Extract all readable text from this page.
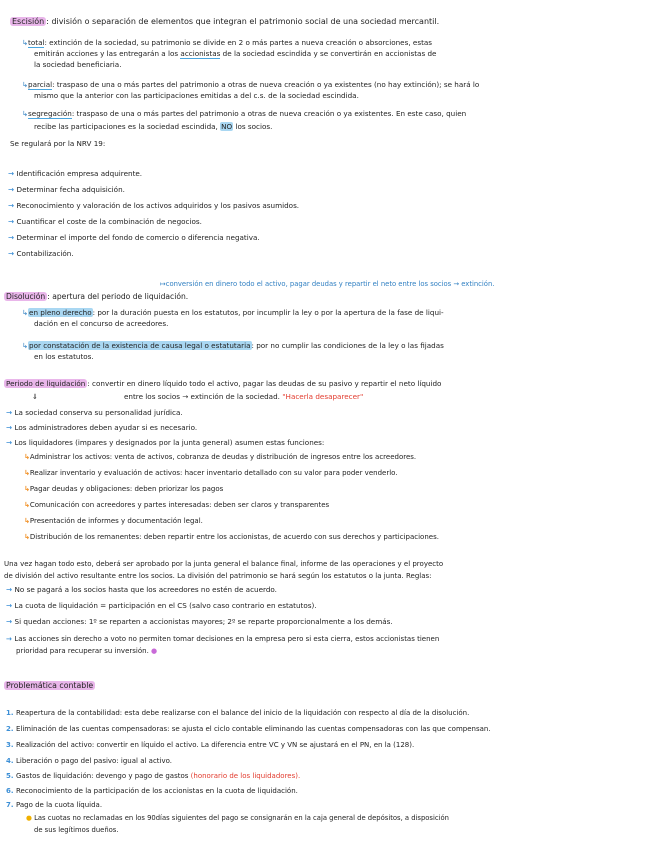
Escisión : división o separación de elementos que integran el patrimonio social de una sociedad mercantil.
↳total: extinción de la sociedad, su patrimonio se divide en 2 o más partes a nueva creación o absorciones, estas
emitirán acciones y las entregarán a los accionistas de la sociedad escindida y se convertirán en accionistas de
la sociedad beneficiaria.
↳parcial: traspaso de una o más partes del patrimonio a otras de nueva creación o ya existentes (no hay extinción); se hará lo
mismo que la anterior con las participaciones emitidas a del c.s. de la sociedad escindida.
↳segregación: traspaso de una o más partes del patrimonio a otras de nueva creación o ya existentes. En este caso, quien
recibe las participaciones es la sociedad escindida, NO los socios.
Se regulará por la NRV 19:
→ Identificación empresa adquirente.
→ Determinar fecha adquisición.
→ Reconocimiento y valoración de los activos adquiridos y los pasivos asumidos.
→ Cuantificar el coste de la combinación de negocios.
→ Determinar el importe del fondo de comercio o diferencia negativa.
→ Contabilización.
↦conversión en dinero todo el activo, pagar deudas y repartir el neto entre los socios → extinción.
Disolución : apertura del periodo de liquidación.
↳en pleno derecho: por la duración puesta en los estatutos, por incumplir la ley o por la apertura de la fase de liqui-
dación en el concurso de acreedores.
↳por constatación de la existencia de causa legal o estatutaria: por no cumplir las condiciones de la ley o las fijadas
en los estatutos.
Periodo de liquidación : convertir en dinero líquido todo el activo, pagar las deudas de su pasivo y repartir el neto líquido
⇓	entre los socios → extinción de la sociedad. "Hacerla desaparecer"
→ La sociedad conserva su personalidad jurídica.
→ Los administradores deben ayudar si es necesario.
→ Los liquidadores (impares y designados por la junta general) asumen estas funciones:
↳Administrar los activos: venta de activos, cobranza de deudas y distribución de ingresos entre los acreedores.
↳Realizar inventario y evaluación de activos: hacer inventario detallado con su valor para poder venderlo.
↳Pagar deudas y obligaciones: deben priorizar los pagos
↳Comunicación con acreedores y partes interesadas: deben ser claros y transparentes
↳Presentación de informes y documentación legal.
↳Distribución de los remanentes: deben repartir entre los accionistas, de acuerdo con sus derechos y participaciones.
Una vez hagan todo esto, deberá ser aprobado por la junta general el balance final, informe de las operaciones y el proyecto
de división del activo resultante entre los socios. La división del patrimonio se hará según los estatutos o la junta. Reglas:
→ No se pagará a los socios hasta que los acreedores no estén de acuerdo.
→ La cuota de liquidación = participación en el CS (salvo caso contrario en estatutos).
→ Si quedan acciones: 1º se reparten a accionistas mayores; 2º se reparte proporcionalmente a los demás.
→ Las acciones sin derecho a voto no permiten tomar decisiones en la empresa pero si esta cierra, estos accionistas tienen
prioridad para recuperar su inversión. ●
Problemática contable
1. Reapertura de la contabilidad: esta debe realizarse con el balance del inicio de la liquidación con respecto al día de la disolución.
2. Eliminación de las cuentas compensadoras: se ajusta el ciclo contable eliminando las cuentas compensadoras con las que compensan.
3. Realización del activo: convertir en líquido el activo. La diferencia entre VC y VN se ajustará en el PN, en la (128).
4. Liberación o pago del pasivo: igual al activo.
5. Gastos de liquidación: devengo y pago de gastos (honorario de los liquidadores).
6. Reconocimiento de la participación de los accionistas en la cuota de liquidación.
7. Pago de la cuota líquida.
● Las cuotas no reclamadas en los 90días siguientes del pago se consignarán en la caja general de depósitos, a disposición
de sus legítimos dueños.
